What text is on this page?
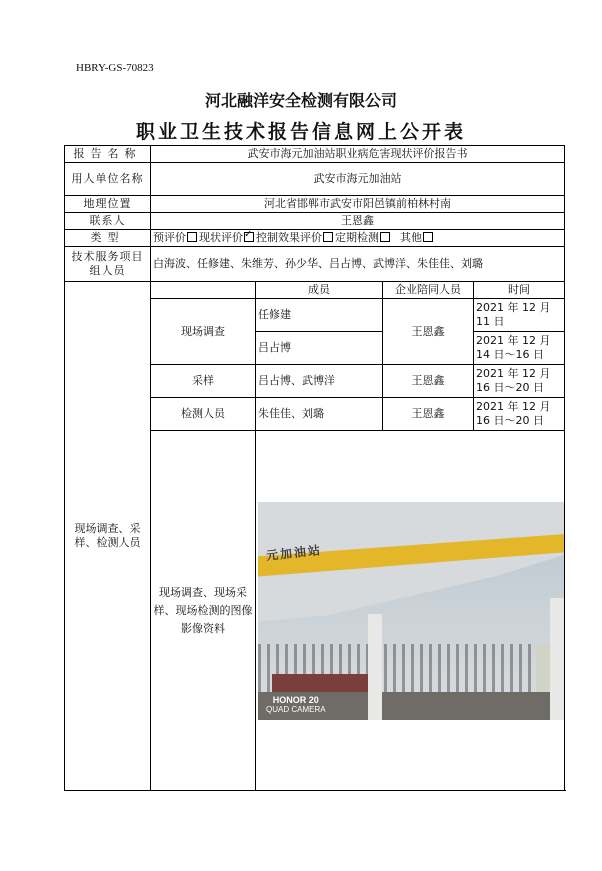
HBRY-GS-70823
河北融洋安全检测有限公司
职业卫生技术报告信息网上公开表
报告名称	武安市海元加油站职业病危害现状评价报告书			
用人单位名称	武安市海元加油站			
地理位置	河北省邯郸市武安市阳邑镇前柏林村南			
联系人	王恩鑫			
类型	预评价 现状评价 ✓ 控制效果评价 定期检测 其他
技术服务项目组人员	白海波、任修建、朱维芳、孙少华、吕占博、武博洋、朱佳佳、刘璐			
现场调查、采样、检测人员		成员	企业陪同人员	时间
	现场调查	任修建	王恩鑫	2021 年 12 月 11 日
		吕占博		2021 年 12 月 14 日～16 日
	采样	吕占博、武博洋	王恩鑫	2021 年 12 月 16 日～20 日
	检测人员	朱佳佳、刘璐	王恩鑫	2021 年 12 月 16 日～20 日
	现场调查、现场采样、现场检测的图像影像资料	元加油站
HONOR 20
QUAD CAMERA		
